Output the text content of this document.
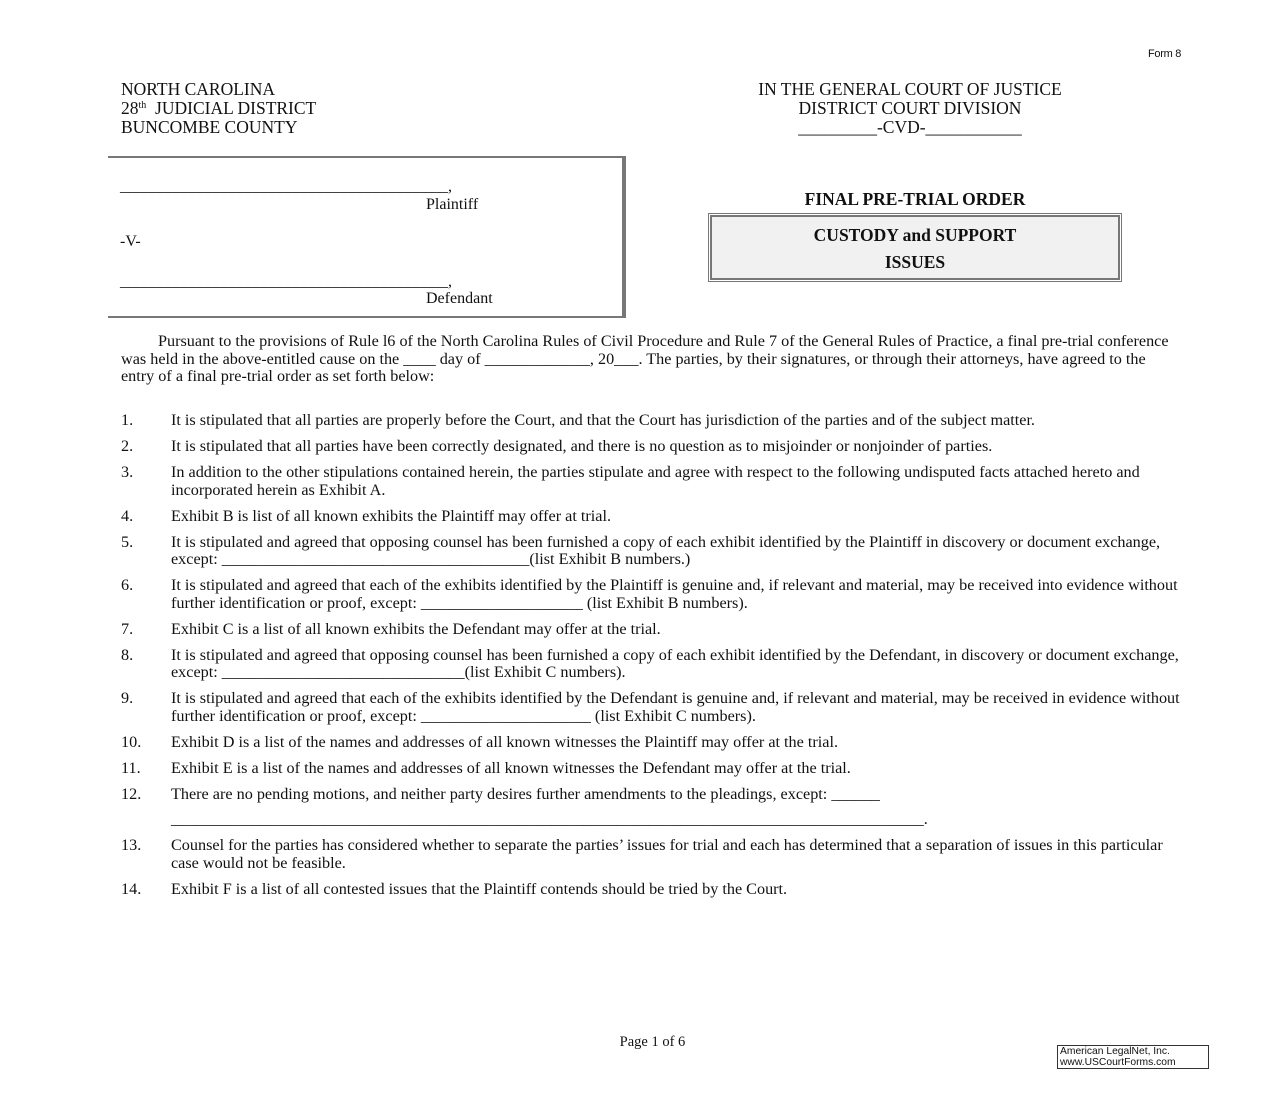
Form 8
NORTH CAROLINA
28th  JUDICIAL DISTRICT
BUNCOMBE COUNTY
IN THE GENERAL COURT OF JUSTICE
DISTRICT COURT DIVISION
_________-CVD-___________
_________________________________________,
Plaintiff
-V-
_________________________________________,
Defendant
FINAL PRE-TRIAL ORDER
CUSTODY and SUPPORT
ISSUES
Pursuant to the provisions of Rule l6 of the North Carolina Rules of Civil Procedure and Rule 7 of the General Rules of Practice, a final pre-trial conference was held in the above-entitled cause on the ____ day of _____________, 20___. The parties, by their signatures, or through their attorneys, have agreed to the entry of a final pre-trial order as set forth below:
1.	It is stipulated that all parties are properly before the Court, and that the Court has jurisdiction of the parties and of the subject matter.
2.	It is stipulated that all parties have been correctly designated, and there is no question as to misjoinder or nonjoinder of parties.
3.	In addition to the other stipulations contained herein, the parties stipulate and agree with respect to the following undisputed facts attached hereto and incorporated herein as Exhibit A.
4.	Exhibit B is list of all known exhibits the Plaintiff may offer at trial.
5.	It is stipulated and agreed that opposing counsel has been furnished a copy of each exhibit identified by the Plaintiff in discovery or document exchange, except: ______________________________________(list Exhibit B numbers.)
6.	It is stipulated and agreed that each of the exhibits identified by the Plaintiff is genuine and, if relevant and material, may be received into evidence without further identification or proof, except: ____________________ (list Exhibit B numbers).
7.	Exhibit C is a list of all known exhibits the Defendant may offer at the trial.
8.	It is stipulated and agreed that opposing counsel has been furnished a copy of each exhibit identified by the Defendant, in discovery or document exchange, except: ______________________________(list Exhibit C numbers).
9.	It is stipulated and agreed that each of the exhibits identified by the Defendant is genuine and, if relevant and material, may be received in evidence without further identification or proof, except: _____________________ (list Exhibit C numbers).
10.	Exhibit D is a list of the names and addresses of all known witnesses the Plaintiff may offer at the trial.
11.	Exhibit E is a list of the names and addresses of all known witnesses the Defendant may offer at the trial.
12.	There are no pending motions, and neither party desires further amendments to the pleadings, except: ______
_____________________________________________________________________________________________.
13.	Counsel for the parties has considered whether to separate the parties’ issues for trial and each has determined that a separation of issues in this particular case would not be feasible.
14.	Exhibit F is a list of all contested issues that the Plaintiff contends should be tried by the Court.
Page 1 of 6
American LegalNet, Inc.
www.USCourtForms.com
